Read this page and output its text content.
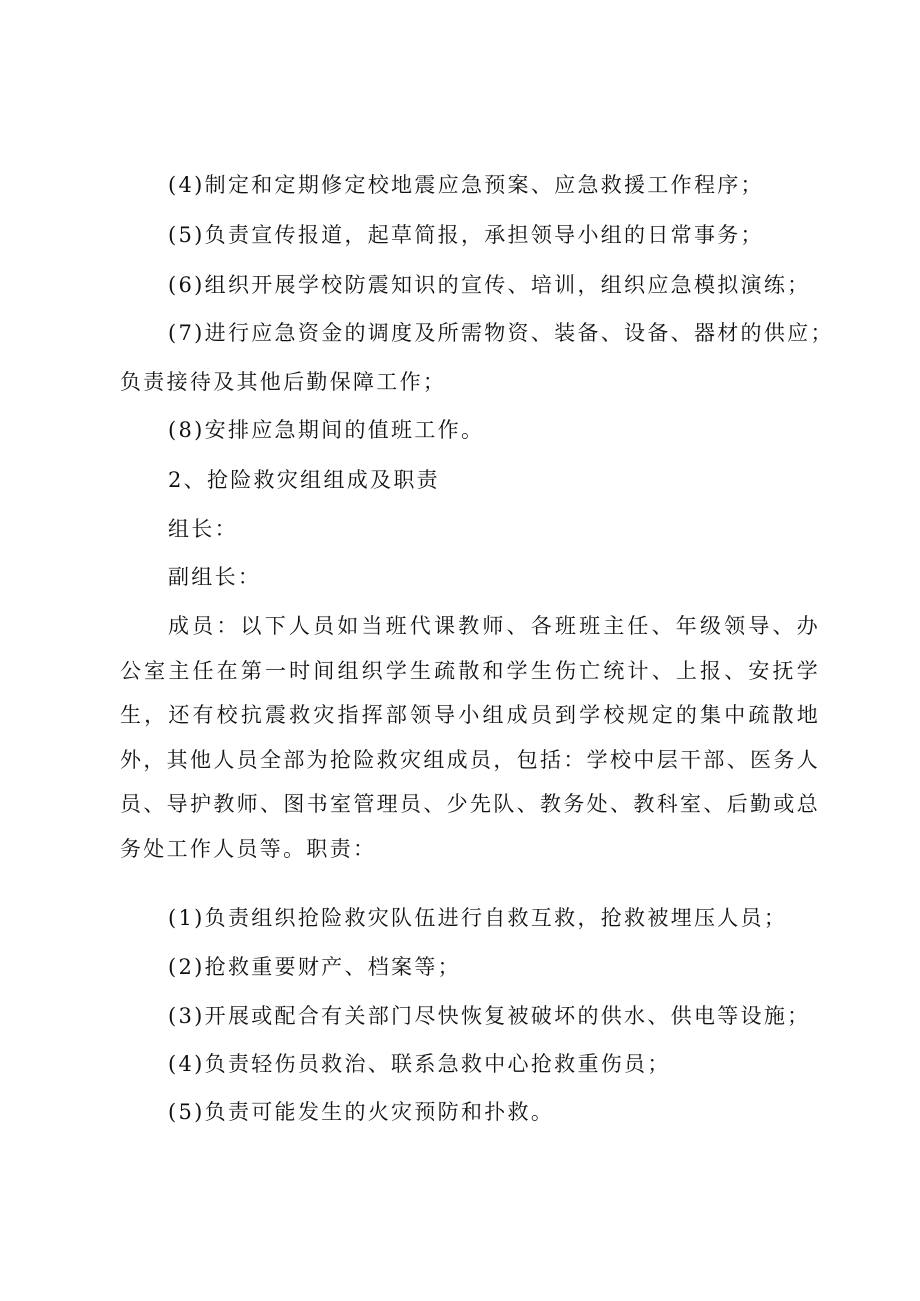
(4)制定和定期修定校地震应急预案、应急救援工作程序；
(5)负责宣传报道，起草简报，承担领导小组的日常事务；
(6)组织开展学校防震知识的宣传、培训，组织应急模拟演练；
(7)进行应急资金的调度及所需物资、装备、设备、器材的供应；
负责接待及其他后勤保障工作；
(8)安排应急期间的值班工作。
2、抢险救灾组组成及职责
组长：
副组长：
成员：以下人员如当班代课教师、各班班主任、年级领导、办公室主任在第一时间组织学生疏散和学生伤亡统计、上报、安抚学生，还有校抗震救灾指挥部领导小组成员到学校规定的集中疏散地外，其他人员全部为抢险救灾组成员，包括：学校中层干部、医务人员、导护教师、图书室管理员、少先队、教务处、教科室、后勤或总务处工作人员等。职责：
(1)负责组织抢险救灾队伍进行自救互救，抢救被埋压人员；
(2)抢救重要财产、档案等；
(3)开展或配合有关部门尽快恢复被破坏的供水、供电等设施；
(4)负责轻伤员救治、联系急救中心抢救重伤员；
(5)负责可能发生的火灾预防和扑救。
